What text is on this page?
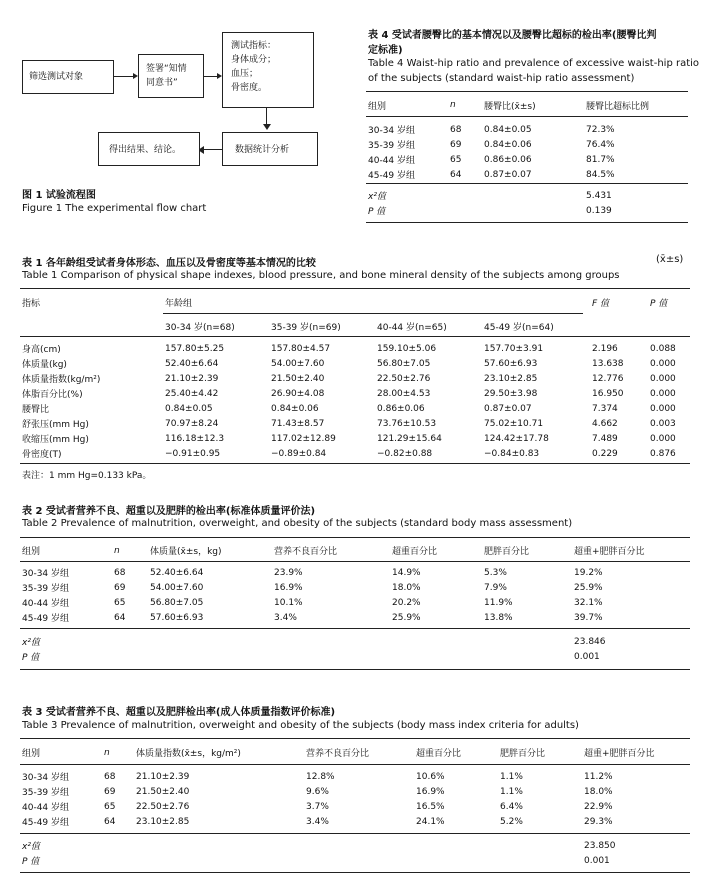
筛选测试对象
签署“知情
同意书”
测试指标：
身体成分；
血压；
骨密度。
数据统计分析
得出结果、结论。
图 1 试验流程图
Figure 1 The experimental flow chart
表 4 受试者腰臀比的基本情况以及腰臀比超标的检出率(腰臀比判
定标准)
Table 4 Waist-hip ratio and prevalence of excessive waist-hip ratio
of the subjects (standard waist-hip ratio assessment)
组别	n	腰臀比(x̄±s)	腰臀比超标比例
30-34 岁组	68	0.84±0.05	72.3%
35-39 岁组	69	0.84±0.06	76.4%
40-44 岁组	65	0.86±0.06	81.7%
45-49 岁组	64	0.87±0.07	84.5%
x²值	5.431
P 值	0.139
表 1 各年龄组受试者身体形态、血压以及骨密度等基本情况的比较	(x̄±s)
Table 1 Comparison of physical shape indexes, blood pressure, and bone mineral density of the subjects among groups
指标	年龄组	F 值	P 值
30-34 岁(n=68)	35-39 岁(n=69)	40-44 岁(n=65)	45-49 岁(n=64)
身高(cm)	157.80±5.25	157.80±4.57	159.10±5.06	157.70±3.91	2.196	0.088
体质量(kg)	52.40±6.64	54.00±7.60	56.80±7.05	57.60±6.93	13.638	0.000
体质量指数(kg/m²)	21.10±2.39	21.50±2.40	22.50±2.76	23.10±2.85	12.776	0.000
体脂百分比(%)	25.40±4.42	26.90±4.08	28.00±4.53	29.50±3.98	16.950	0.000
腰臀比	0.84±0.05	0.84±0.06	0.86±0.06	0.87±0.07	7.374	0.000
舒张压(mm Hg)	70.97±8.24	71.43±8.57	73.76±10.53	75.02±10.71	4.662	0.003
收缩压(mm Hg)	116.18±12.3	117.02±12.89	121.29±15.64	124.42±17.78	7.489	0.000
骨密度(T)	−0.91±0.95	−0.89±0.84	−0.82±0.88	−0.84±0.83	0.229	0.876
表注：1 mm Hg=0.133 kPa。
表 2 受试者营养不良、超重以及肥胖的检出率(标准体质量评价法)
Table 2 Prevalence of malnutrition, overweight, and obesity of the subjects (standard body mass assessment)
组别	n	体质量(x̄±s，kg)	营养不良百分比	超重百分比	肥胖百分比	超重+肥胖百分比
30-34 岁组	68	52.40±6.64	23.9%	14.9%	5.3%	19.2%
35-39 岁组	69	54.00±7.60	16.9%	18.0%	7.9%	25.9%
40-44 岁组	65	56.80±7.05	10.1%	20.2%	11.9%	32.1%
45-49 岁组	64	57.60±6.93	3.4%	25.9%	13.8%	39.7%
x²值	23.846
P 值	0.001
表 3 受试者营养不良、超重以及肥胖检出率(成人体质量指数评价标准)
Table 3 Prevalence of malnutrition, overweight and obesity of the subjects (body mass index criteria for adults)
组别	n	体质量指数(x̄±s，kg/m²)	营养不良百分比	超重百分比	肥胖百分比	超重+肥胖百分比
30-34 岁组	68	21.10±2.39	12.8%	10.6%	1.1%	11.2%
35-39 岁组	69	21.50±2.40	9.6%	16.9%	1.1%	18.0%
40-44 岁组	65	22.50±2.76	3.7%	16.5%	6.4%	22.9%
45-49 岁组	64	23.10±2.85	3.4%	24.1%	5.2%	29.3%
x²值	23.850
P 值	0.001
